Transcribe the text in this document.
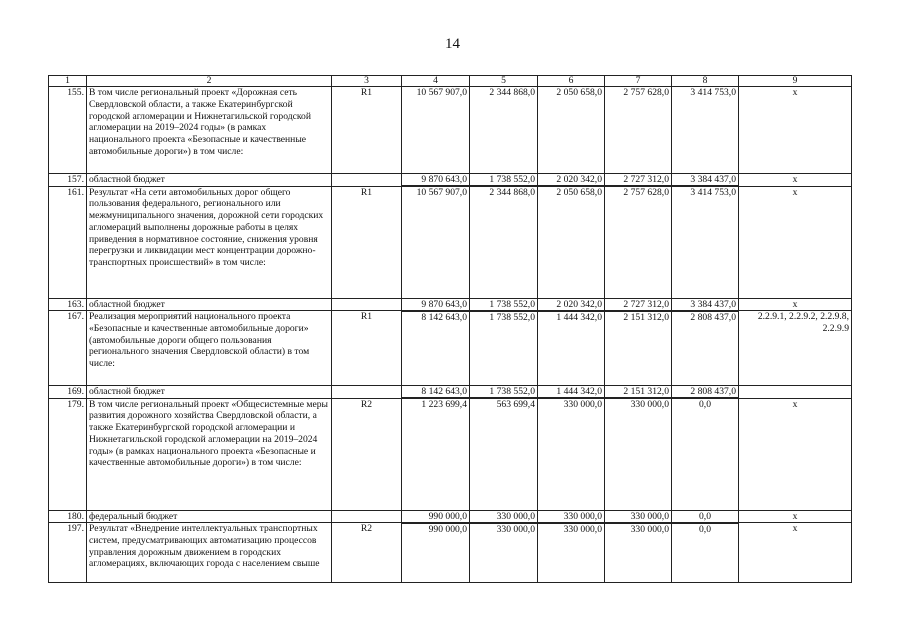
14
1	2	3	4	5	6	7	8	9
155.	В том числе региональный проект «Дорожная сеть Свердловской области, а также Екатеринбургской городской агломерации и Нижнетагильской городской агломерации на 2019–2024 годы» (в рамках национального проекта «Безопасные и качественные автомобильные дороги») в том числе:	R1	10 567 907,0	2 344 868,0	2 050 658,0	2 757 628,0	3 414 753,0	х
157.	областной бюджет		9 870 643,0	1 738 552,0	2 020 342,0	2 727 312,0	3 384 437,0	х
161.	Результат «На сети автомобильных дорог общего пользования федерального, регионального или межмуниципального значения, дорожной сети городских агломераций выполнены дорожные работы в целях приведения в нормативное состояние, снижения уровня перегрузки и ликвидации мест концентрации дорожно-транспортных происшествий» в том числе:	R1	10 567 907,0	2 344 868,0	2 050 658,0	2 757 628,0	3 414 753,0	х
163.	областной бюджет		9 870 643,0	1 738 552,0	2 020 342,0	2 727 312,0	3 384 437,0	х
167.	Реализация мероприятий национального проекта «Безопасные и качественные автомобильные дороги» (автомобильные дороги общего пользования регионального значения Свердловской области) в том числе:	R1	8 142 643,0	1 738 552,0	1 444 342,0	2 151 312,0	2 808 437,0	2.2.9.1, 2.2.9.2, 2.2.9.8, 2.2.9.9
169.	областной бюджет		8 142 643,0	1 738 552,0	1 444 342,0	2 151 312,0	2 808 437,0	
179.	В том числе региональный проект «Общесистемные меры развития дорожного хозяйства Свердловской области, а также Екатеринбургской городской агломерации и Нижнетагильской городской агломерации на 2019–2024 годы» (в рамках национального проекта «Безопасные и качественные автомобильные дороги») в том числе:	R2	1 223 699,4	563 699,4	330 000,0	330 000,0	0,0	х
180.	федеральный бюджет		990 000,0	330 000,0	330 000,0	330 000,0	0,0	х
197.	Результат «Внедрение интеллектуальных транспортных систем, предусматривающих автоматизацию процессов управления дорожным движением в городских агломерациях, включающих города с населением свыше	R2	990 000,0	330 000,0	330 000,0	330 000,0	0,0	х
